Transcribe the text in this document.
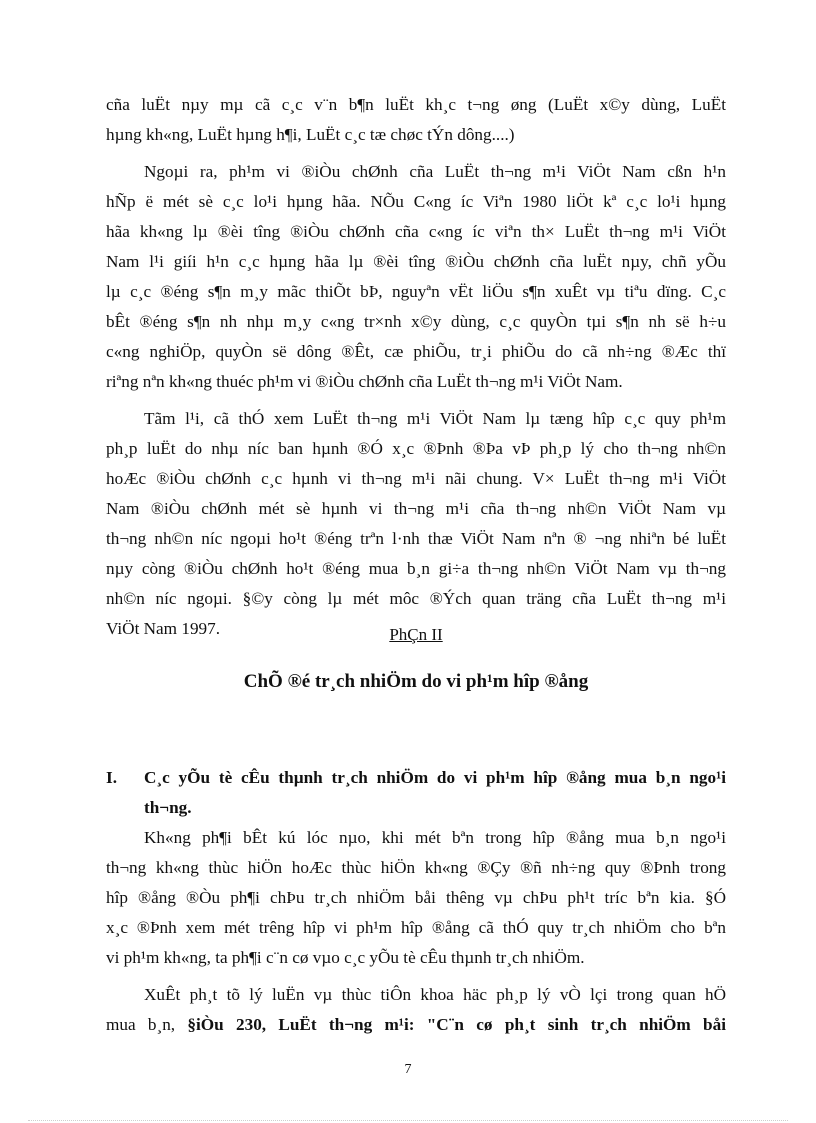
cña luËt nµy mµ cã c¸c v¨n b¶n luËt kh¸c t¬ng øng (LuËt x©y dùng, LuËt
hµng kh«ng, LuËt hµng h¶i, LuËt c¸c tæ chøc tÝn dông....)
Ngoµi ra, ph¹m vi ®iÒu chØnh cña LuËt th¬ng m¹i ViÖt Nam cßn h¹n
hÑp ë mét sè c¸c lo¹i hµng hãa. NÕu C«ng íc Viªn 1980 liÖt kª c¸c lo¹i hµng
hãa kh«ng lµ ®èi tîng ®iÒu chØnh cña c«ng íc viªn th× LuËt th¬ng m¹i ViÖt
Nam l¹i giíi h¹n c¸c hµng hãa lµ ®èi tîng ®iÒu chØnh cña luËt nµy, chñ yÕu
lµ c¸c ®éng s¶n m¸y mãc thiÕt bÞ, nguyªn vËt liÖu s¶n xuÊt vµ tiªu dïng. C¸c
bÊt ®éng s¶n nh nhµ m¸y c«ng tr×nh x©y dùng, c¸c quyÒn tµi s¶n nh së h÷u
c«ng nghiÖp, quyÒn së dông ®Êt, cæ phiÕu, tr¸i phiÕu do cã nh÷ng ®Æc thï
riªng nªn kh«ng thuéc ph¹m vi ®iÒu chØnh cña LuËt th¬ng m¹i ViÖt Nam.
Tãm l¹i, cã thÓ xem LuËt th¬ng m¹i ViÖt Nam lµ tæng hîp c¸c quy ph¹m
ph¸p luËt do nhµ níc ban hµnh ®Ó x¸c ®Þnh ®Þa vÞ ph¸p lý cho th¬ng nh©n
hoÆc ®iÒu chØnh c¸c hµnh vi th¬ng m¹i nãi chung. V× LuËt th¬ng m¹i ViÖt
Nam ®iÒu chØnh mét sè hµnh vi th¬ng m¹i cña th¬ng nh©n ViÖt Nam vµ
th¬ng nh©n níc ngoµi ho¹t ®éng trªn l·nh thæ ViÖt Nam nªn ® ¬ng nhiªn bé luËt
nµy còng ®iÒu chØnh ho¹t ®éng mua b¸n gi÷a th¬ng nh©n ViÖt Nam vµ th¬ng
nh©n níc ngoµi. §©y còng lµ mét môc ®Ých quan träng cña LuËt th¬ng m¹i
ViÖt Nam 1997.	PhÇn II
ChÕ ®é tr¸ch nhiÖm do vi ph¹m hîp ®ång
I. C¸c yÕu tè cÊu thµnh tr¸ch nhiÖm do vi ph¹m hîp ®ång mua b¸n ngo¹i
th¬ng.
Kh«ng ph¶i bÊt kú lóc nµo, khi mét bªn trong hîp ®ång mua b¸n ngo¹i
th¬ng kh«ng thùc hiÖn hoÆc thùc hiÖn kh«ng ®Çy ®ñ nh÷ng quy ®Þnh trong
hîp ®ång ®Òu ph¶i chÞu tr¸ch nhiÖm båi thêng vµ chÞu ph¹t tríc bªn kia. §Ó
x¸c ®Þnh xem mét trêng hîp vi ph¹m hîp ®ång cã thÓ quy tr¸ch nhiÖm cho bªn
vi ph¹m kh«ng, ta ph¶i c¨n cø vµo c¸c yÕu tè cÊu thµnh tr¸ch nhiÖm.
XuÊt ph¸t tõ lý luËn vµ thùc tiÔn khoa häc ph¸p lý vÒ lçi trong quan hÖ
mua b¸n, §iÒu 230, LuËt th¬ng m¹i: "C¨n cø ph¸t sinh tr¸ch nhiÖm båi
7
